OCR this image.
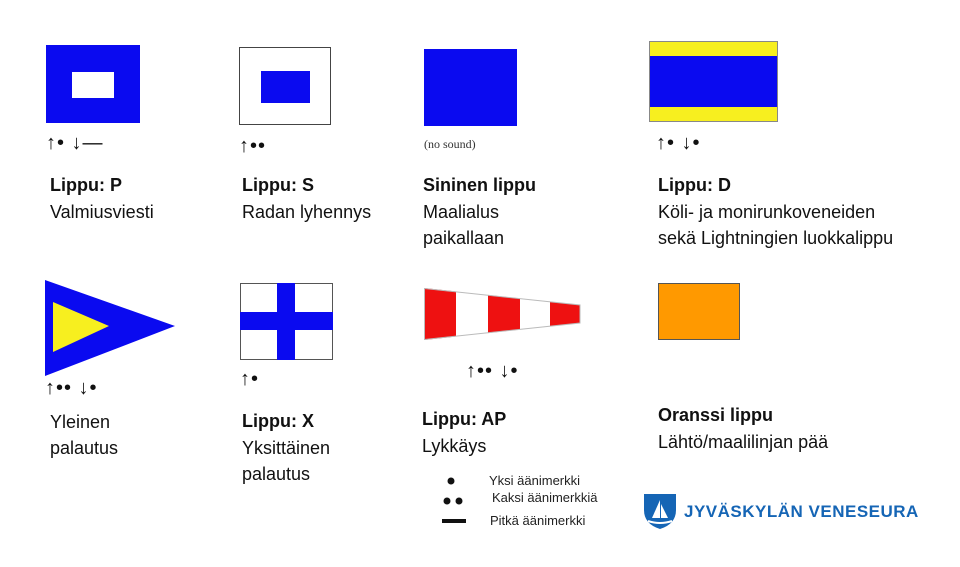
↑• ↓—
Lippu: P
Valmiusviesti
↑••
Lippu: S
Radan lyhennys
(no sound)
Sininen lippu
Maalialus
paikallaan
↑• ↓•
Lippu: D
Köli- ja monirunkoveneiden
sekä Lightningien luokkalippu
↑•• ↓•
Yleinen
palautus
↑•
Lippu: X
Yksittäinen
palautus
↑•• ↓•
Lippu: AP
Lykkäys
Oranssi lippu
Lähtö/maalilinjan pää
Yksi äänimerkki
Kaksi äänimerkkiä
Pitkä äänimerkki	JYVÄSKYLÄN VENESEURA
